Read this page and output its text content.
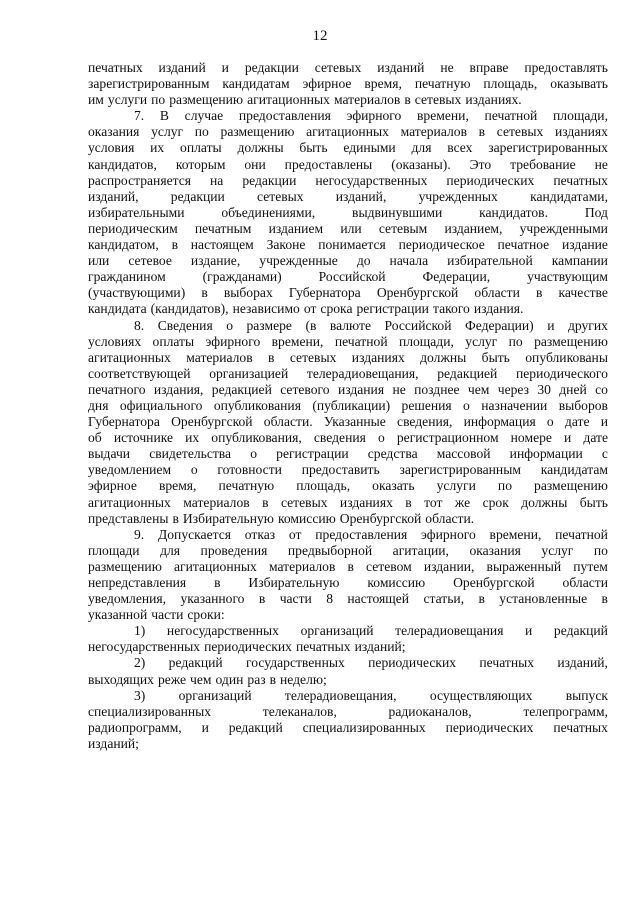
12
печатных изданий и редакции сетевых изданий не вправе предоставлять
зарегистрированным кандидатам эфирное время, печатную площадь, оказывать
им услуги по размещению агитационных материалов в сетевых изданиях.
7. В случае предоставления эфирного времени, печатной площади,
оказания услуг по размещению агитационных материалов в сетевых изданиях
условия их оплаты должны быть едиными для всех зарегистрированных
кандидатов, которым они предоставлены (оказаны). Это требование не
распространяется на редакции негосударственных периодических печатных
изданий, редакции сетевых изданий, учрежденных кандидатами,
избирательными	объединениями,	выдвинувшими	кандидатов.	Под
периодическим печатным изданием или сетевым изданием, учрежденными
кандидатом, в настоящем Законе понимается периодическое печатное издание
или сетевое издание, учрежденные до начала избирательной кампании
гражданином	(гражданами)	Российской	Федерации,	участвующим
(участвующими) в выборах Губернатора Оренбургской области в качестве
кандидата (кандидатов), независимо от срока регистрации такого издания.
8. Сведения о размере (в валюте Российской Федерации) и других
условиях оплаты эфирного времени, печатной площади, услуг по размещению
агитационных материалов в сетевых изданиях должны быть опубликованы
соответствующей организацией телерадиовещания, редакцией периодического
печатного издания, редакцией сетевого издания не позднее чем через 30 дней со
дня официального опубликования (публикации) решения о назначении выборов
Губернатора Оренбургской области. Указанные сведения, информация о дате и
об источнике их опубликования, сведения о регистрационном номере и дате
выдачи свидетельства о регистрации средства массовой информации с
уведомлением о готовности предоставить зарегистрированным кандидатам
эфирное время, печатную площадь, оказать услуги по размещению
агитационных материалов в сетевых изданиях в тот же срок должны быть
представлены в Избирательную комиссию Оренбургской области.
9. Допускается отказ от предоставления эфирного времени, печатной
площади для проведения предвыборной агитации, оказания услуг по
размещению агитационных материалов в сетевом издании, выраженный путем
непредставления в Избирательную комиссию Оренбургской области
уведомления, указанного в части 8 настоящей статьи, в установленные в
указанной части сроки:
1) негосударственных организаций телерадиовещания и редакций
негосударственных периодических печатных изданий;
2) редакций государственных периодических печатных изданий,
выходящих реже чем один раз в неделю;
3) организаций телерадиовещания, осуществляющих выпуск
специализированных	телеканалов,	радиоканалов,	телепрограмм,
радиопрограмм, и редакций специализированных периодических печатных
изданий;
